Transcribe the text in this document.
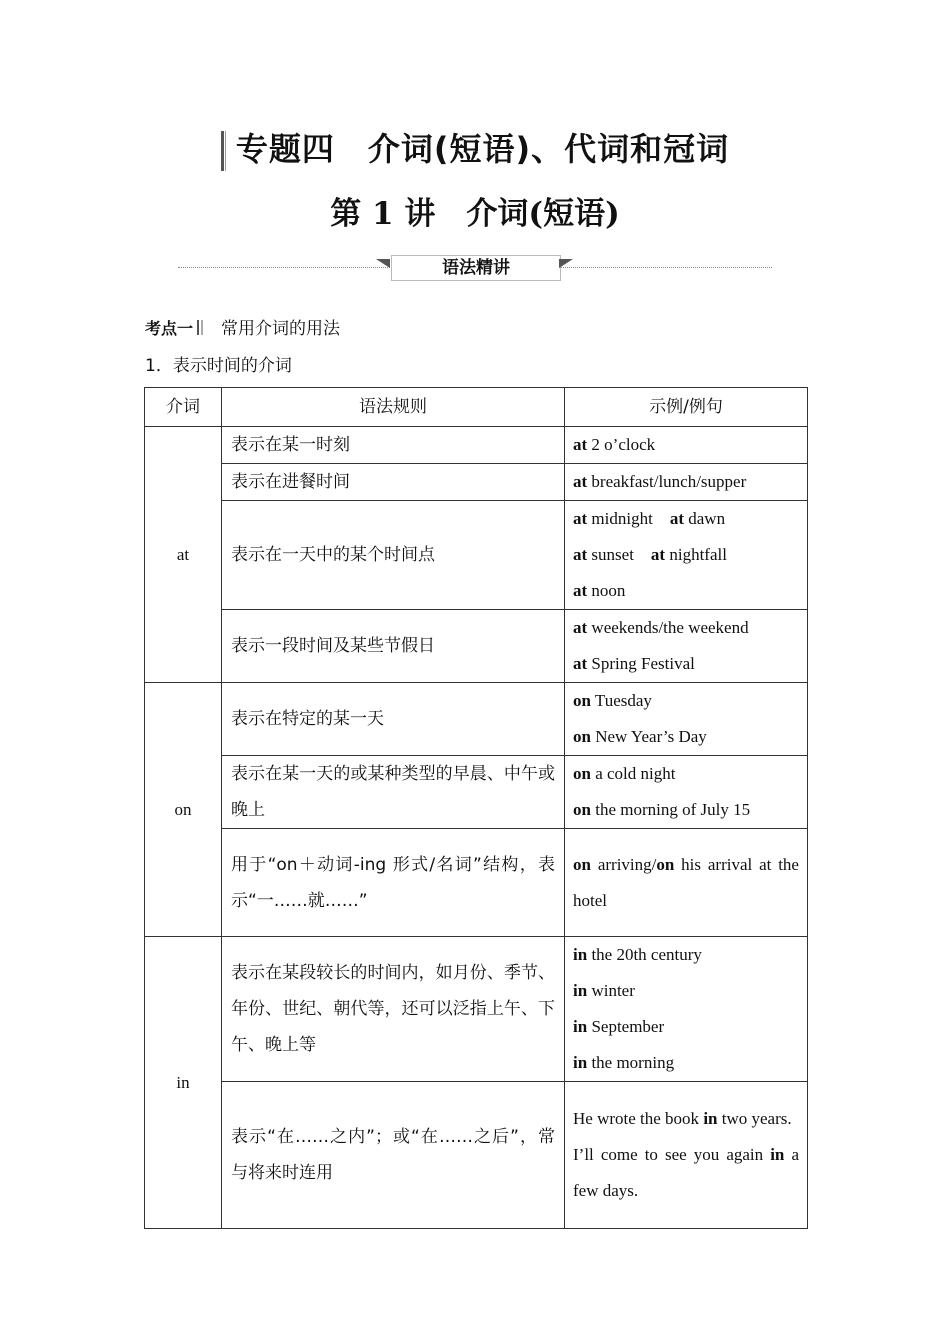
专题四　介词(短语)、代词和冠词
第 1 讲　介词(短语)
语法精讲
考点一 常用介词的用法
1．表示时间的介词
介词	语法规则	示例/例句
at	表示在某一时刻	at 2 o’clock

	表示在进餐时间	at breakfast/lunch/supper

	表示在一天中的某个时间点	at midnight　at dawn
at sunset　at nightfall
at noon

	表示一段时间及某些节假日	at weekends/the weekend
at Spring Festival

on	表示在特定的某一天	on Tuesday
on New Year’s Day

	表示在某一天的或某种类型的早晨、中午或晚上	on a cold night
on the morning of July 15

	用于“on＋动词-ing 形式/名词”结构，表示“一……就……”	on arriving/on his arrival at the hotel

in	表示在某段较长的时间内，如月份、季节、年份、世纪、朝代等，还可以泛指上午、下午、晚上等	in the 20th century
in winter
in September
in the morning

	表示“在……之内”；或“在……之后”，常与将来时连用	He wrote the book in two years.
I’ll come to see you again in a few days.
